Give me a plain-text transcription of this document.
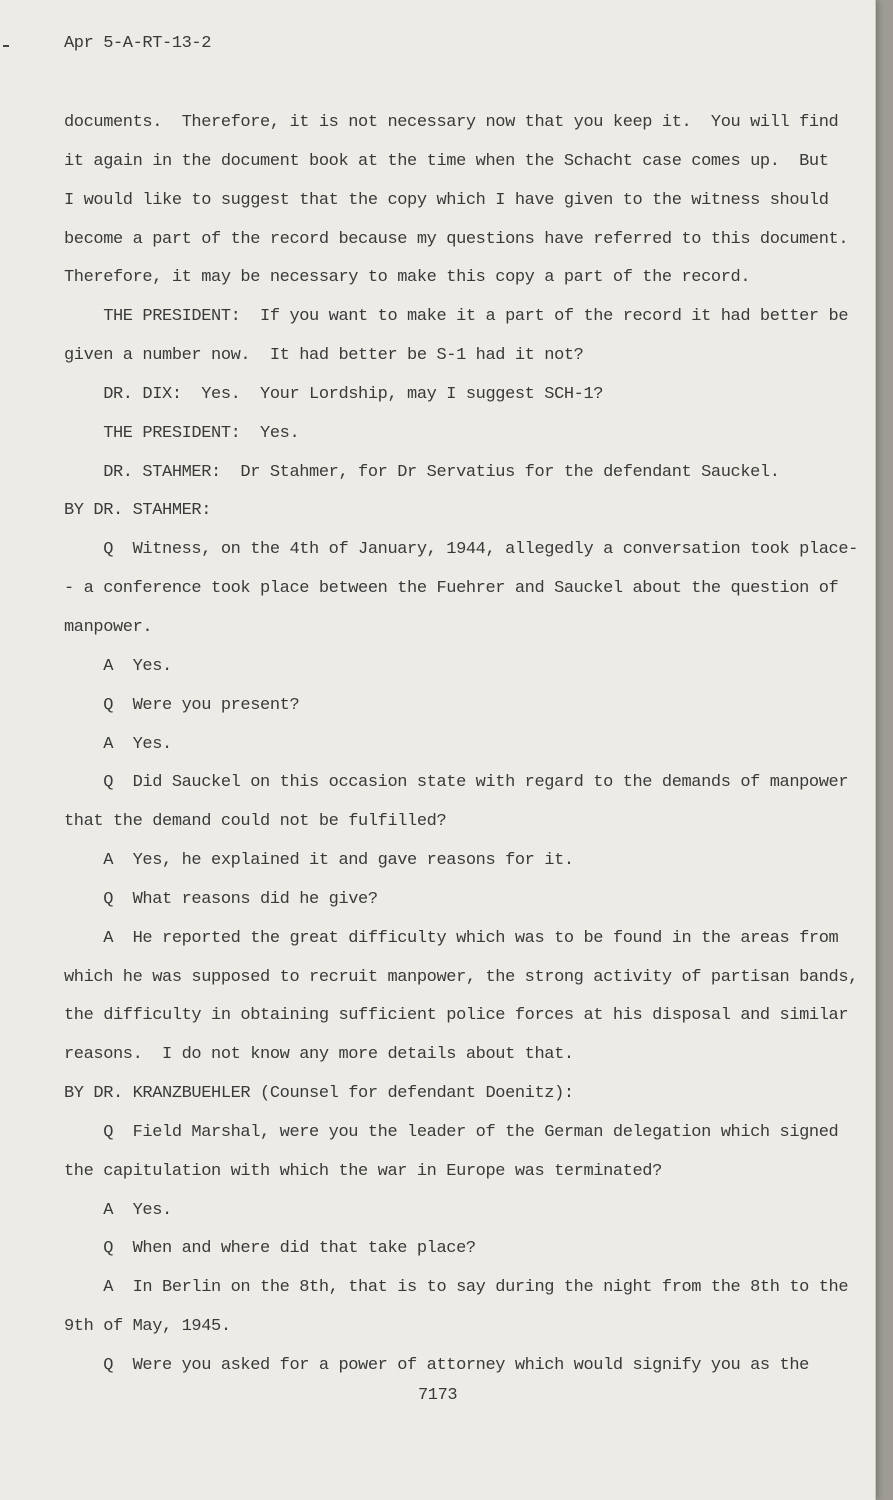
Apr 5-A-RT-13-2
documents.  Therefore, it is not necessary now that you keep it.  You will find
it again in the document book at the time when the Schacht case comes up.  But
I would like to suggest that the copy which I have given to the witness should
become a part of the record because my questions have referred to this document.
Therefore, it may be necessary to make this copy a part of the record.
THE PRESIDENT:  If you want to make it a part of the record it had better be
given a number now.  It had better be S-1 had it not?
DR. DIX:  Yes.  Your Lordship, may I suggest SCH-1?
THE PRESIDENT:  Yes.
DR. STAHMER:  Dr Stahmer, for Dr Servatius for the defendant Sauckel.
BY DR. STAHMER:
Q  Witness, on the 4th of January, 1944, allegedly a conversation took place-
- a conference took place between the Fuehrer and Sauckel about the question of
manpower.
A  Yes.
Q  Were you present?
A  Yes.
Q  Did Sauckel on this occasion state with regard to the demands of manpower
that the demand could not be fulfilled?
A  Yes, he explained it and gave reasons for it.
Q  What reasons did he give?
A  He reported the great difficulty which was to be found in the areas from
which he was supposed to recruit manpower, the strong activity of partisan bands,
the difficulty in obtaining sufficient police forces at his disposal and similar
reasons.  I do not know any more details about that.
BY DR. KRANZBUEHLER (Counsel for defendant Doenitz):
Q  Field Marshal, were you the leader of the German delegation which signed
the capitulation with which the war in Europe was terminated?
A  Yes.
Q  When and where did that take place?
A  In Berlin on the 8th, that is to say during the night from the 8th to the
9th of May, 1945.
Q  Were you asked for a power of attorney which would signify you as the
7173
